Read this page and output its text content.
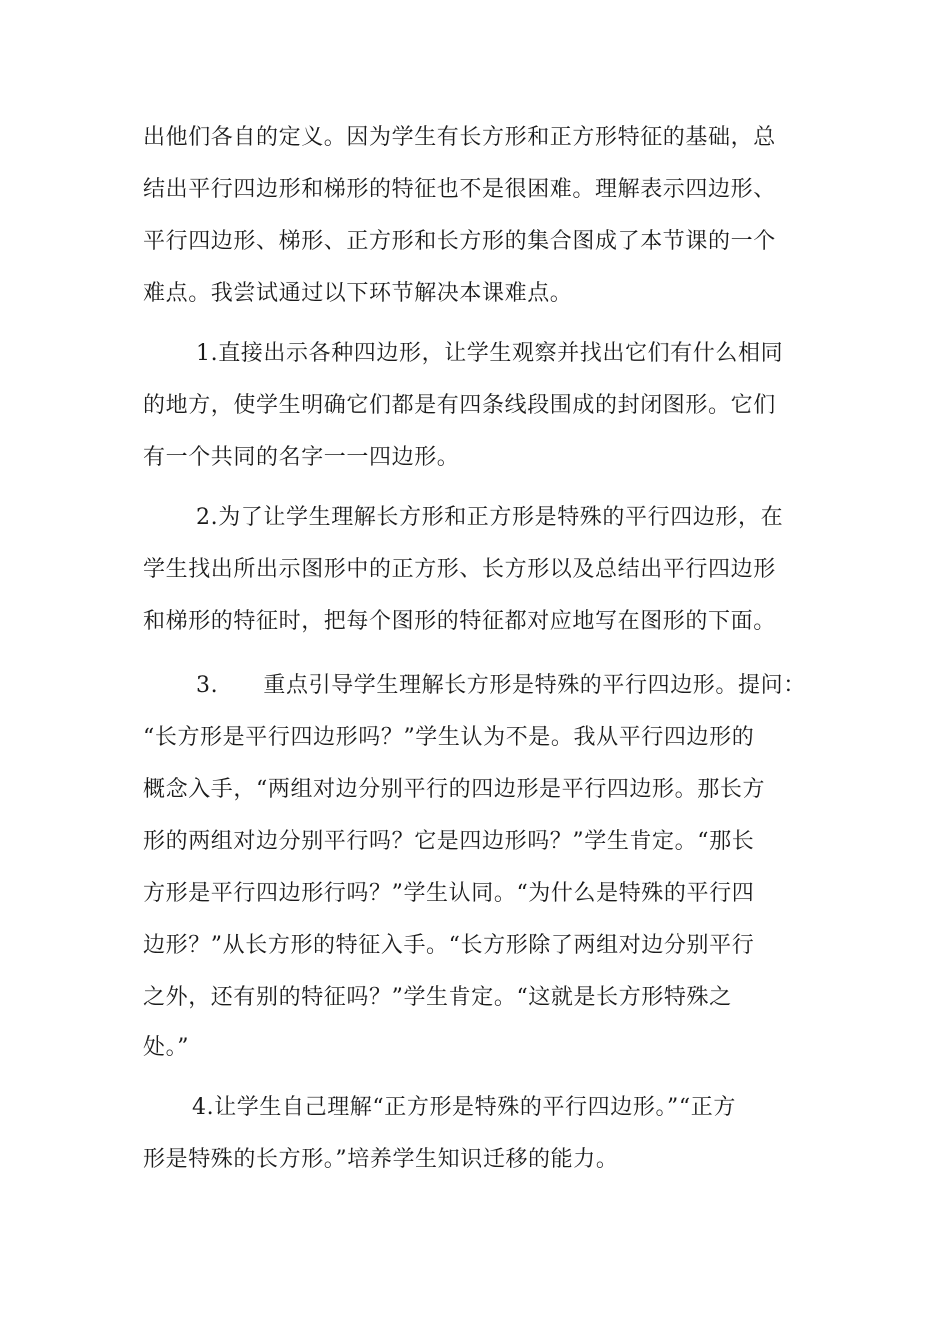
出他们各自的定义。因为学生有长方形和正方形特征的基础，总
结出平行四边形和梯形的特征也不是很困难。理解表示四边形、
平行四边形、梯形、正方形和长方形的集合图成了本节课的一个
难点。我尝试通过以下环节解决本课难点。
1.直接出示各种四边形，让学生观察并找出它们有什么相同
的地方，使学生明确它们都是有四条线段围成的封闭图形。它们
有一个共同的名字一一四边形。
2.为了让学生理解长方形和正方形是特殊的平行四边形，在
学生找出所出示图形中的正方形、长方形以及总结出平行四边形
和梯形的特征时，把每个图形的特征都对应地写在图形的下面。
3.　　重点引导学生理解长方形是特殊的平行四边形。提问：
“长方形是平行四边形吗？”学生认为不是。我从平行四边形的
概念入手，“两组对边分别平行的四边形是平行四边形。那长方
形的两组对边分别平行吗？它是四边形吗？”学生肯定。“那长
方形是平行四边形行吗？”学生认同。“为什么是特殊的平行四
边形？”从长方形的特征入手。“长方形除了两组对边分别平行
之外，还有别的特征吗？”学生肯定。“这就是长方形特殊之
处。”
4.让学生自己理解“正方形是特殊的平行四边形。”“正方
形是特殊的长方形。”培养学生知识迁移的能力。
